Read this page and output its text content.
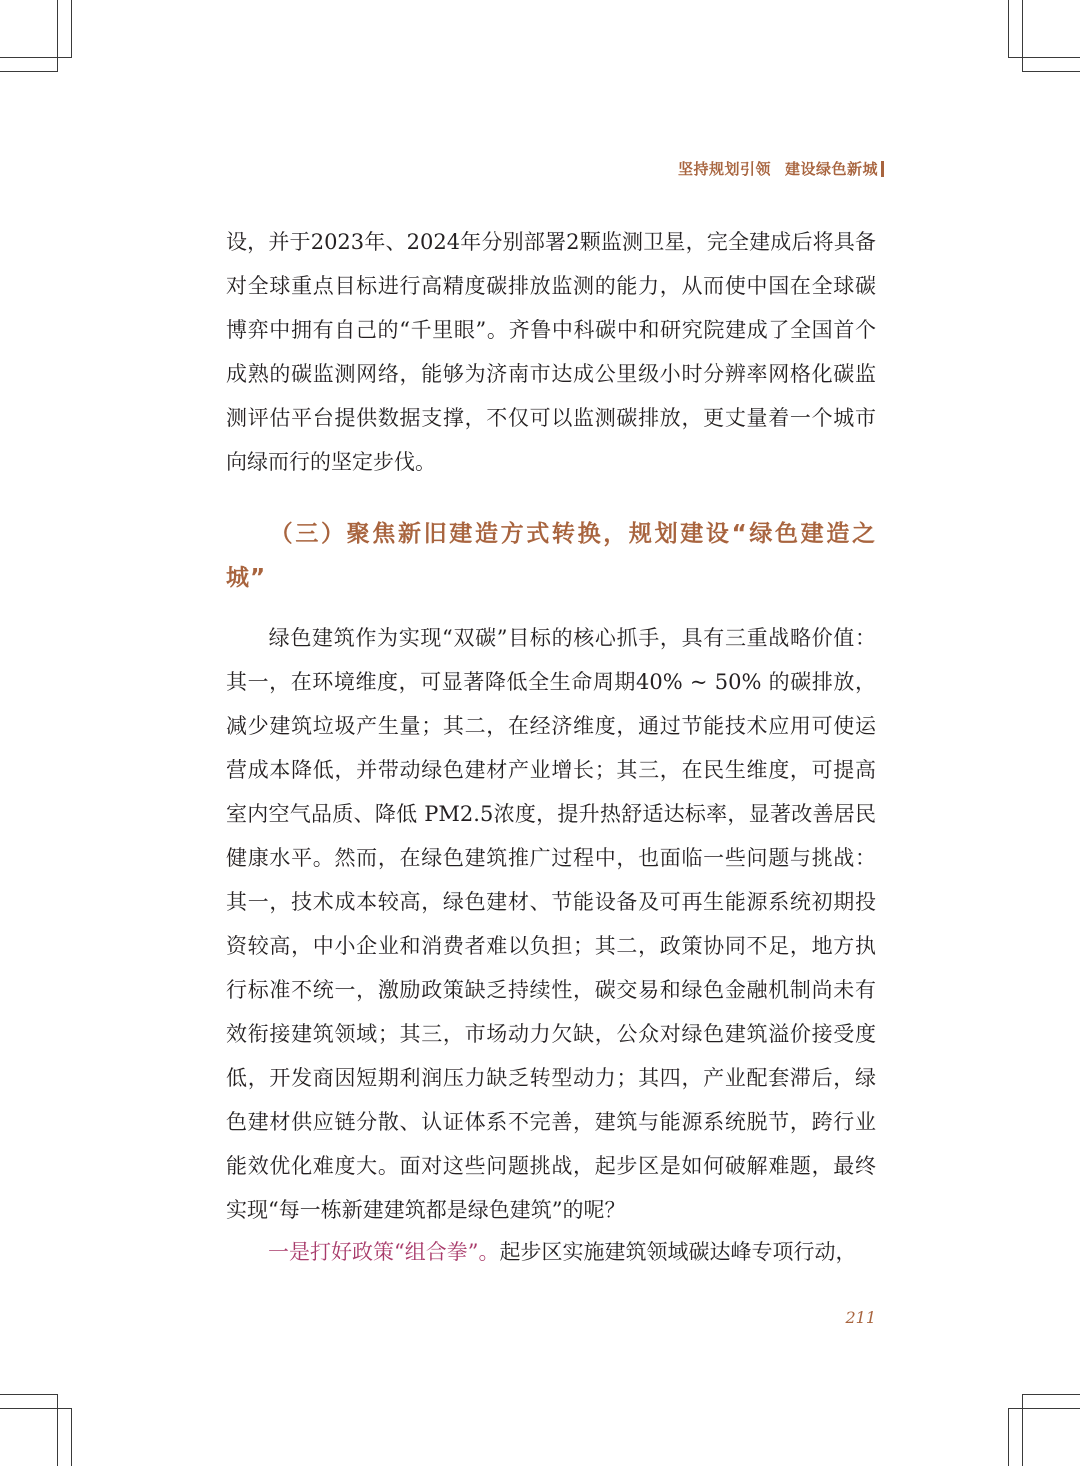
坚持规划引领 建设绿色新城
设，并于2023年、2024年分别部署2颗监测卫星，完全建成后将具备对全球重点目标进行高精度碳排放监测的能力，从而使中国在全球碳博弈中拥有自己的“千里眼”。齐鲁中科碳中和研究院建成了全国首个成熟的碳监测网络，能够为济南市达成公里级小时分辨率网格化碳监测评估平台提供数据支撑，不仅可以监测碳排放，更丈量着一个城市向绿而行的坚定步伐。
（三）聚焦新旧建造方式转换，规划建设“绿色建造之城”
绿色建筑作为实现“双碳”目标的核心抓手，具有三重战略价值：其一，在环境维度，可显著降低全生命周期40% ~ 50% 的碳排放，减少建筑垃圾产生量；其二，在经济维度，通过节能技术应用可使运营成本降低，并带动绿色建材产业增长；其三，在民生维度，可提高室内空气品质、降低 PM2.5浓度，提升热舒适达标率，显著改善居民健康水平。然而，在绿色建筑推广过程中，也面临一些问题与挑战：其一，技术成本较高，绿色建材、节能设备及可再生能源系统初期投资较高，中小企业和消费者难以负担；其二，政策协同不足，地方执行标准不统一，激励政策缺乏持续性，碳交易和绿色金融机制尚未有效衔接建筑领域；其三，市场动力欠缺，公众对绿色建筑溢价接受度低，开发商因短期利润压力缺乏转型动力；其四，产业配套滞后，绿色建材供应链分散、认证体系不完善，建筑与能源系统脱节，跨行业能效优化难度大。面对这些问题挑战，起步区是如何破解难题，最终实现“每一栋新建建筑都是绿色建筑”的呢？
一是打好政策“组合拳”。起步区实施建筑领域碳达峰专项行动，
211
